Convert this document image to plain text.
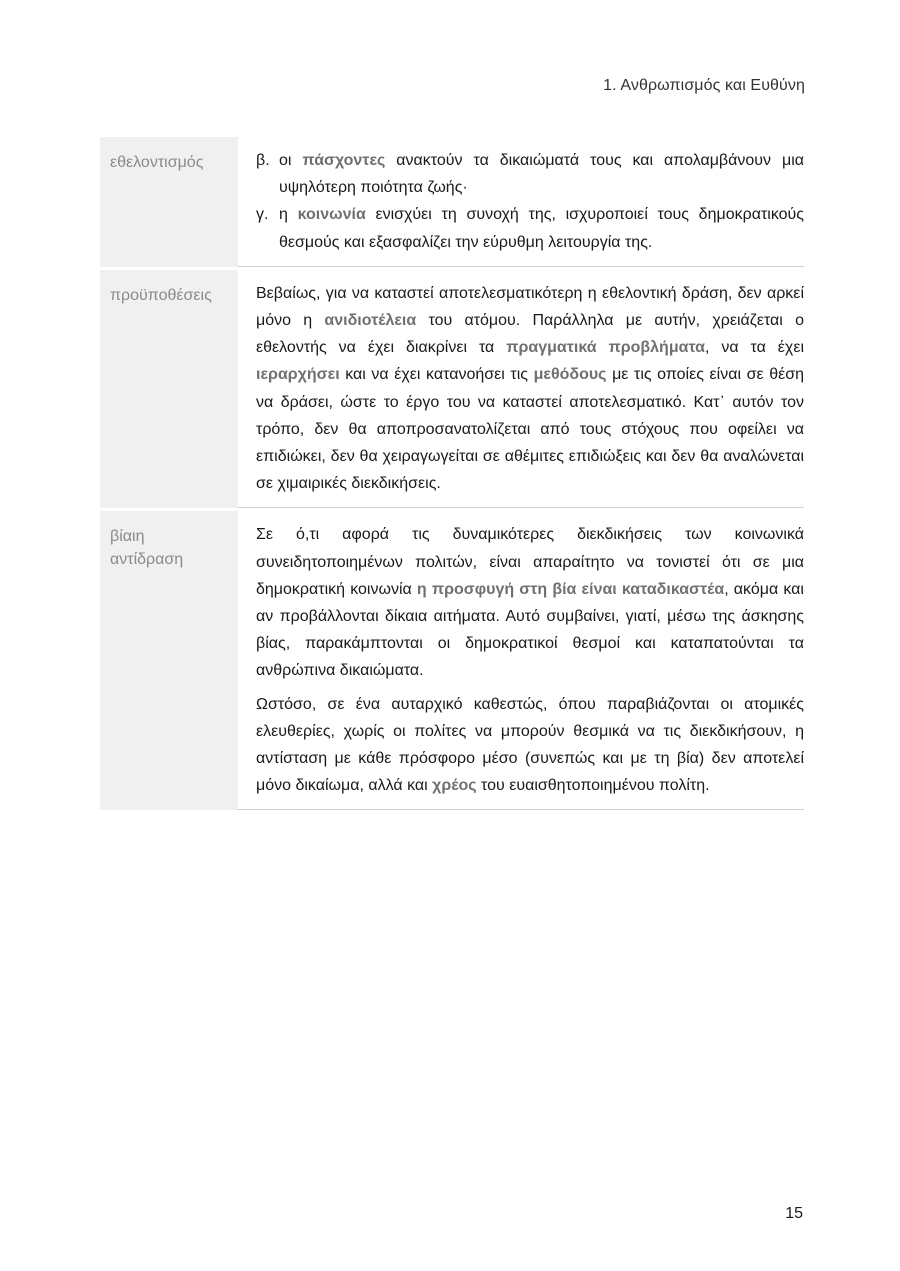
1. Ανθρωπισμός και Ευθύνη
εθελοντισμός	β. οι πάσχοντες ανακτούν τα δικαιώματά τους και απολαμβάνουν μια υψηλότερη ποιότητα ζωής·
γ. η κοινωνία ενισχύει τη συνοχή της, ισχυροποιεί τους δημοκρατικούς θεσμούς και εξασφαλίζει την εύρυθμη λειτουργία της.
προϋποθέσεις	Βεβαίως, για να καταστεί αποτελεσματικότερη η εθελοντική δράση, δεν αρκεί μόνο η ανιδιοτέλεια του ατόμου. Παράλληλα με αυτήν, χρειάζεται ο εθελοντής να έχει διακρίνει τα πραγματικά προβλήματα, να τα έχει ιεραρχήσει και να έχει κατανοήσει τις μεθόδους με τις οποίες είναι σε θέση να δράσει, ώστε το έργο του να καταστεί αποτελεσματικό. Κατ᾽ αυτόν τον τρόπο, δεν θα αποπροσανατολίζεται από τους στόχους που οφείλει να επιδιώκει, δεν θα χειραγωγείται σε αθέμιτες επιδιώξεις και δεν θα αναλώνεται σε χιμαιρικές διεκδικήσεις.

βίαιη
αντίδραση

Σε ό,τι αφορά τις δυναμικότερες διεκδικήσεις των κοινωνικά συνειδητοποιημένων πολιτών, είναι απαραίτητο να τονιστεί ότι σε μια δημοκρατική κοινωνία η προσφυγή στη βία είναι καταδικαστέα, ακόμα και αν προβάλλονται δίκαια αιτήματα. Αυτό συμβαίνει, γιατί, μέσω της άσκησης βίας, παρακάμπτονται οι δημοκρατικοί θεσμοί και καταπατούνται τα ανθρώπινα δικαιώματα.

Ωστόσο, σε ένα αυταρχικό καθεστώς, όπου παραβιάζονται οι ατομικές ελευθερίες, χωρίς οι πολίτες να μπορούν θεσμικά να τις διεκδικήσουν, η αντίσταση με κάθε πρόσφορο μέσο (συνεπώς και με τη βία) δεν αποτελεί μόνο δικαίωμα, αλλά και χρέος του ευαισθητοποιημένου πολίτη.

15
